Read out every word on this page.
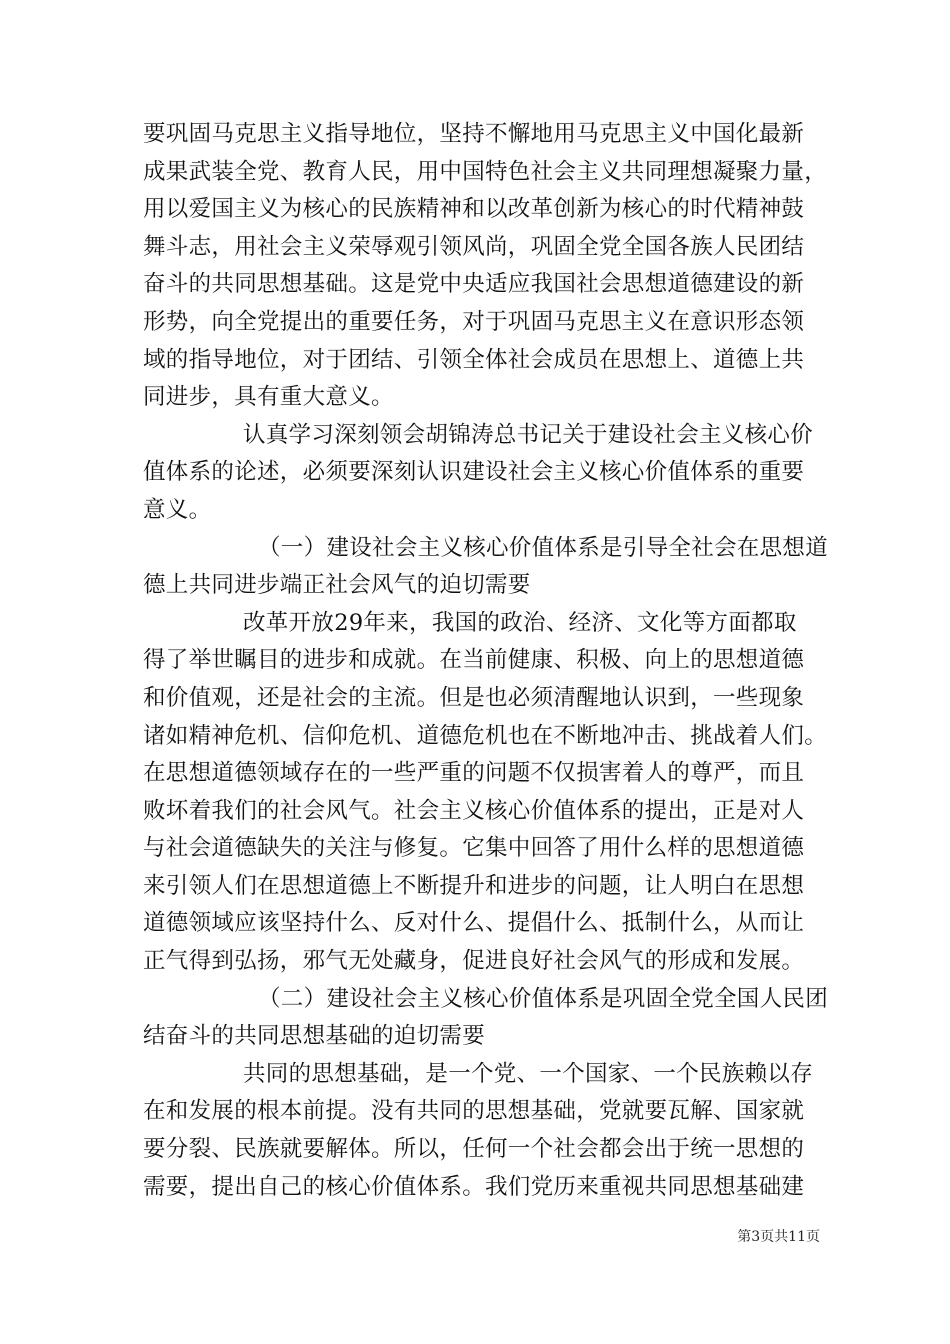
要巩固马克思主义指导地位，坚持不懈地用马克思主义中国化最新
成果武装全党、教育人民，用中国特色社会主义共同理想凝聚力量，
用以爱国主义为核心的民族精神和以改革创新为核心的时代精神鼓
舞斗志，用社会主义荣辱观引领风尚，巩固全党全国各族人民团结
奋斗的共同思想基础。这是党中央适应我国社会思想道德建设的新
形势，向全党提出的重要任务，对于巩固马克思主义在意识形态领
域的指导地位，对于团结、引领全体社会成员在思想上、道德上共
同进步，具有重大意义。
认真学习深刻领会胡锦涛总书记关于建设社会主义核心价
值体系的论述，必须要深刻认识建设社会主义核心价值体系的重要
意义。
（一）建设社会主义核心价值体系是引导全社会在思想道
德上共同进步端正社会风气的迫切需要
改革开放29年来，我国的政治、经济、文化等方面都取
得了举世瞩目的进步和成就。在当前健康、积极、向上的思想道德
和价值观，还是社会的主流。但是也必须清醒地认识到，一些现象
诸如精神危机、信仰危机、道德危机也在不断地冲击、挑战着人们。
在思想道德领域存在的一些严重的问题不仅损害着人的尊严，而且
败坏着我们的社会风气。社会主义核心价值体系的提出，正是对人
与社会道德缺失的关注与修复。它集中回答了用什么样的思想道德
来引领人们在思想道德上不断提升和进步的问题，让人明白在思想
道德领域应该坚持什么、反对什么、提倡什么、抵制什么，从而让
正气得到弘扬，邪气无处藏身，促进良好社会风气的形成和发展。
（二）建设社会主义核心价值体系是巩固全党全国人民团
结奋斗的共同思想基础的迫切需要
共同的思想基础，是一个党、一个国家、一个民族赖以存
在和发展的根本前提。没有共同的思想基础，党就要瓦解、国家就
要分裂、民族就要解体。所以，任何一个社会都会出于统一思想的
需要，提出自己的核心价值体系。我们党历来重视共同思想基础建
第3页共11页
